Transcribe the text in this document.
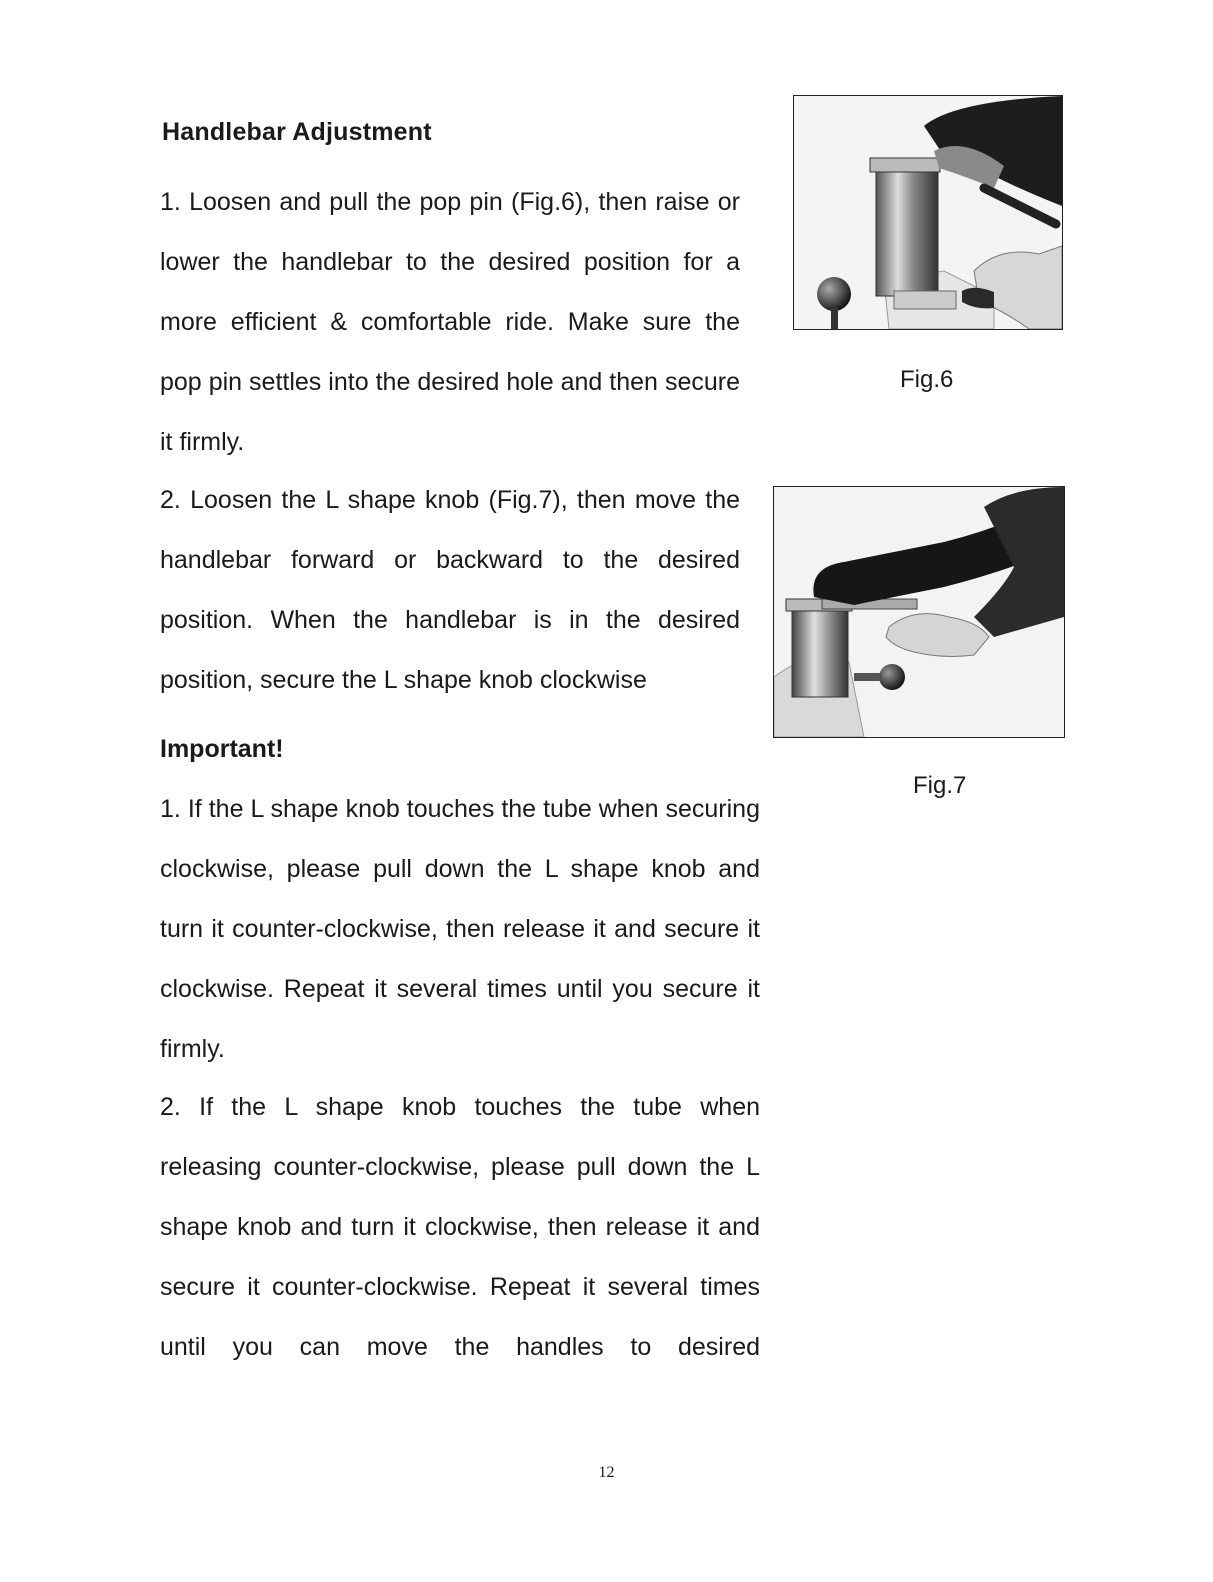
Handlebar Adjustment
1. Loosen and pull the pop pin (Fig.6), then raise or lower the handlebar to the desired position for a more efficient & comfortable ride. Make sure the pop pin settles into the desired hole and then secure it firmly.
2. Loosen the L shape knob (Fig.7), then move the handlebar forward or backward to the desired position. When the handlebar is in the desired position, secure the L shape knob clockwise
Important!
1. If the L shape knob touches the tube when securing clockwise, please pull down the L shape knob and turn it counter-clockwise, then release it and secure it clockwise. Repeat it several times until you secure it firmly.
2. If the L shape knob touches the tube when releasing counter-clockwise, please pull down the L shape knob and turn it clockwise, then release it and secure it counter-clockwise. Repeat it several times until you can move the handles to desired
Fig.6
Fig.7
12
